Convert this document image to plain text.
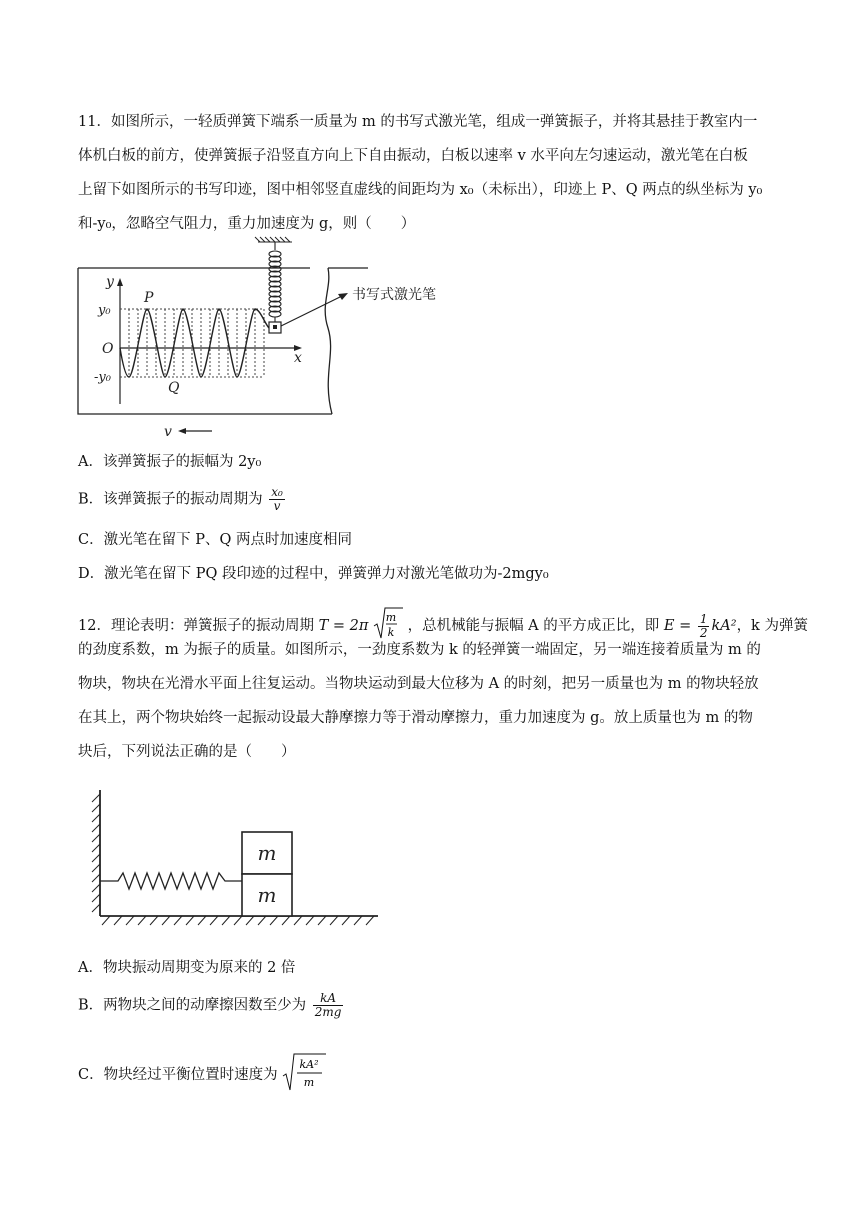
11．如图所示，一轻质弹簧下端系一质量为 m 的书写式激光笔，组成一弹簧振子，并将其悬挂于教室内一
体机白板的前方，使弹簧振子沿竖直方向上下自由振动，白板以速率 v 水平向左匀速运动，激光笔在白板
上留下如图所示的书写印迹，图中相邻竖直虚线的间距均为 x₀（未标出），印迹上 P、Q 两点的纵坐标为 y₀
和-y₀，忽略空气阻力，重力加速度为 g，则（　　）
书写式激光笔
y
y₀
O
-y₀
P
Q
x
v
A．该弹簧振子的振幅为 2y₀
B．该弹簧振子的振动周期为 $\frac{\text{x₀}}{v}$
C．激光笔在留下 P、Q 两点时加速度相同
D．激光笔在留下 PQ 段印迹的过程中，弹簧弹力对激光笔做功为-2mgy₀
12．理论表明：弹簧振子的振动周期 T = 2π
m
k ，总机械能与振幅 A 的平方成正比，即 $E = \frac{1}{2} kA^2$，k 为弹簧
的劲度系数，m 为振子的质量。如图所示，一劲度系数为 k 的轻弹簧一端固定，另一端连接着质量为 m 的
物块，物块在光滑水平面上往复运动。当物块运动到最大位移为 A 的时刻，把另一质量也为 m 的物块轻放
在其上，两个物块始终一起振动设最大静摩擦力等于滑动摩擦力，重力加速度为 g。放上质量也为 m 的物
块后，下列说法正确的是（　　）
m
m
A．物块振动周期变为原来的 2 倍
B．两物块之间的动摩擦因数至少为 $\frac{kA}{2mg}$
C．物块经过平衡位置时速度为
kA²
m
